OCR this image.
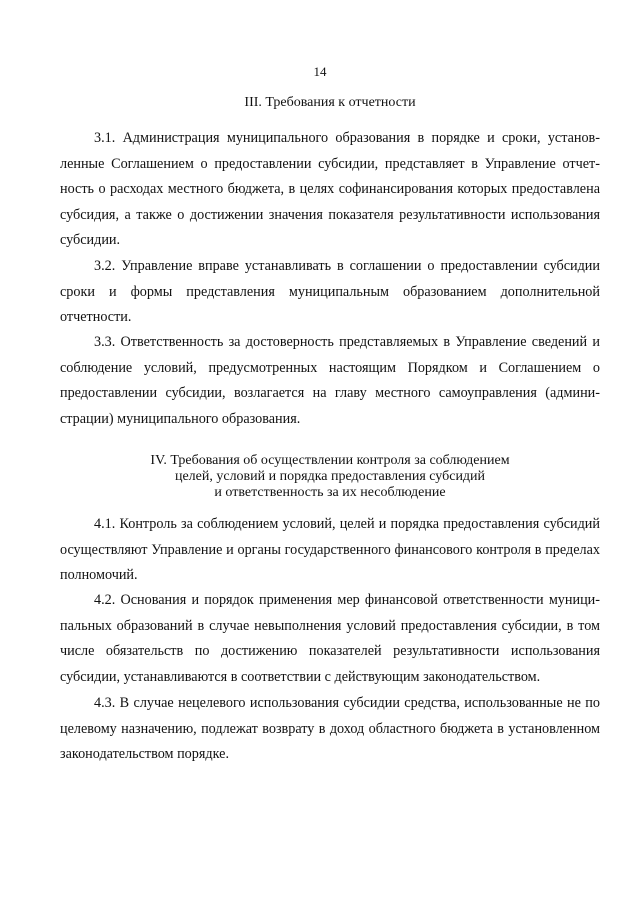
14
III. Требования к отчетности

3.1. Администрация муниципального образования в порядке и сроки, установленные Соглашением о предоставлении субсидии, представляет в Управление отчетность о расходах местного бюджета, в целях софинансирования которых предоставлена субсидия, а также о достижении значения показателя результативности использования субсидии.

3.2. Управление вправе устанавливать в соглашении о предоставлении субсидии сроки и формы представления муниципальным образованием дополнительной отчетности.

3.3. Ответственность за достоверность представляемых в Управление сведений и соблюдение условий, предусмотренных настоящим Порядком и Соглашением о предоставлении субсидии, возлагается на главу местного самоуправления (администрации) муниципального образования.

IV. Требования об осуществлении контроля за соблюдением
целей, условий и порядка предоставления субсидий
и ответственность за их несоблюдение

4.1. Контроль за соблюдением условий, целей и порядка предоставления субсидий осуществляют Управление и органы государственного финансового контроля в пределах полномочий.

4.2. Основания и порядок применения мер финансовой ответственности муниципальных образований в случае невыполнения условий предоставления субсидии, в том числе обязательств по достижению показателей результативности использования субсидии, устанавливаются в соответствии с действующим законодательством.

4.3. В случае нецелевого использования субсидии средства, использованные не по целевому назначению, подлежат возврату в доход областного бюджета в установленном законодательством порядке.
